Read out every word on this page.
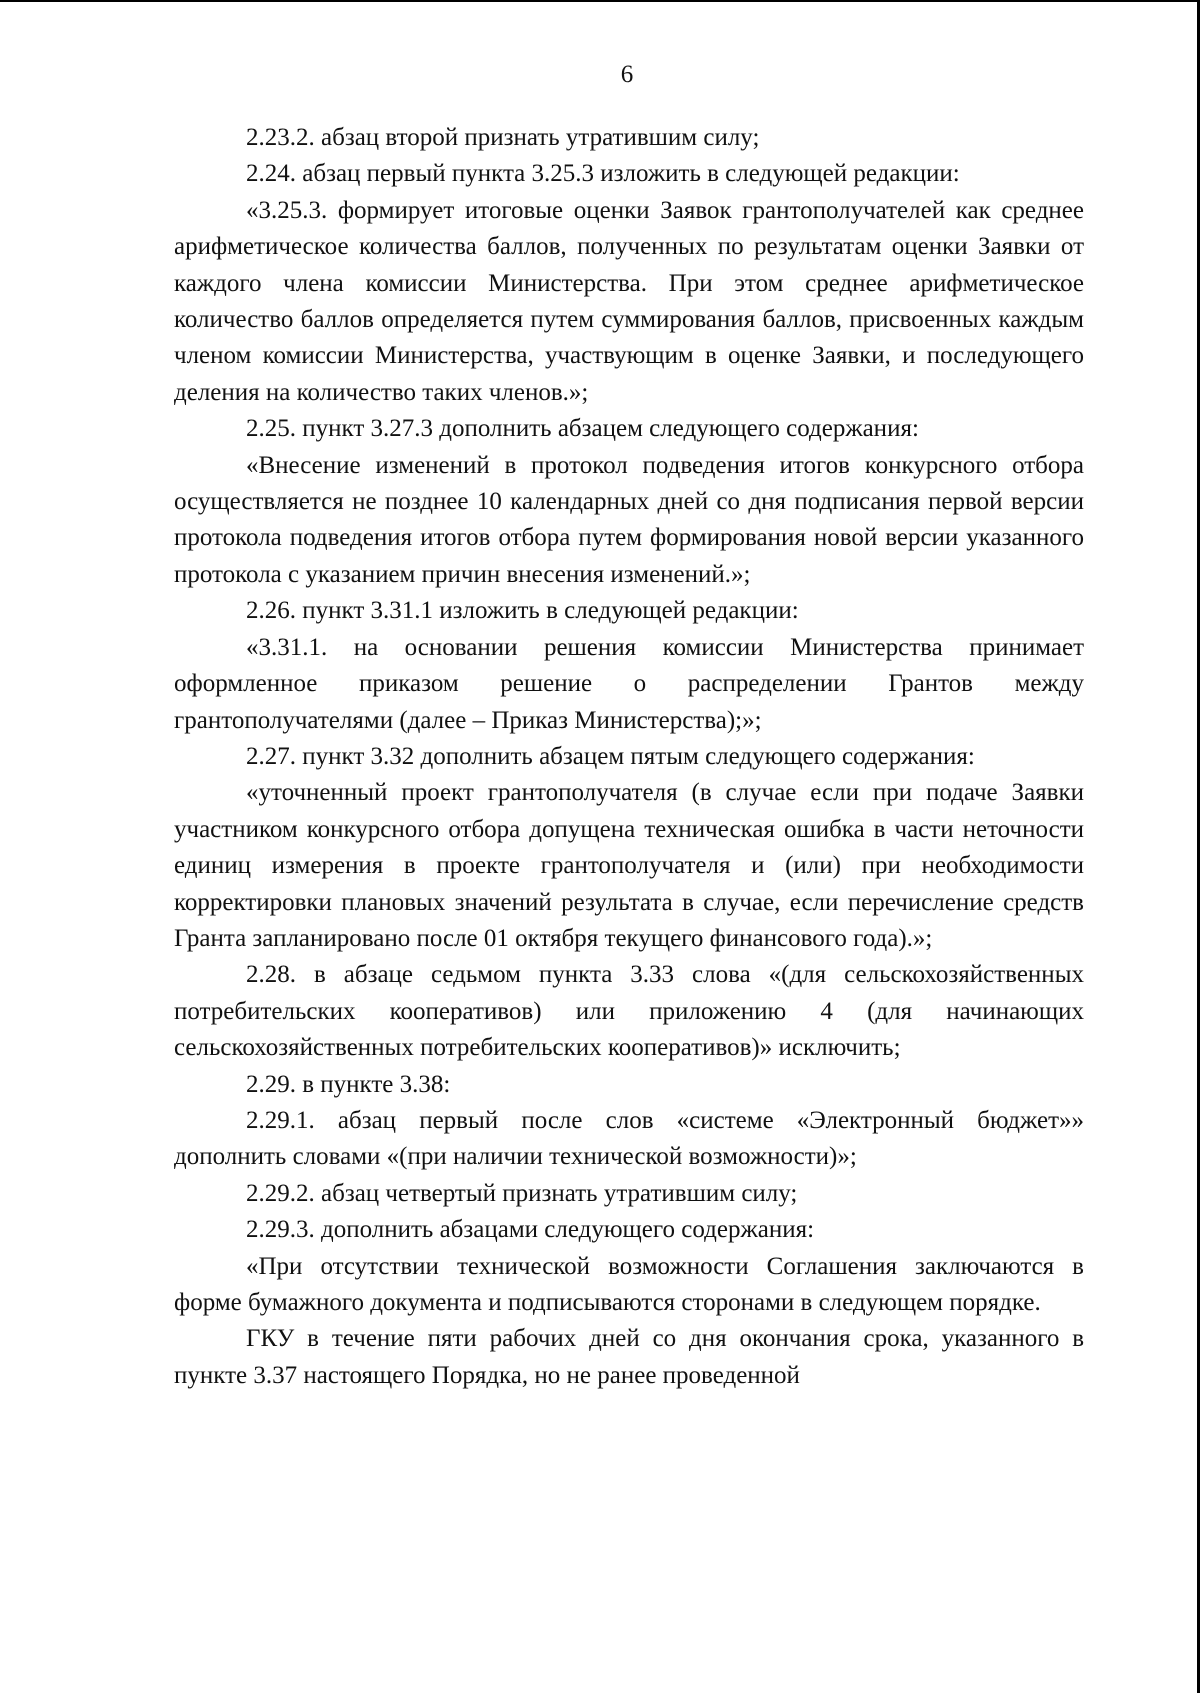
6

2.23.2. абзац второй признать утратившим силу;

2.24. абзац первый пункта 3.25.3 изложить в следующей редакции:

«3.25.3. формирует итоговые оценки Заявок грантополучателей как среднее арифметическое количества баллов, полученных по результатам оценки Заявки от каждого члена комиссии Министерства. При этом среднее арифметическое количество баллов определяется путем суммирования баллов, присвоенных каждым членом комиссии Министерства, участвующим в оценке Заявки, и последующего деления на количество таких членов.»;

2.25. пункт 3.27.3 дополнить абзацем следующего содержания:

«Внесение изменений в протокол подведения итогов конкурсного отбора осуществляется не позднее 10 календарных дней со дня подписания первой версии протокола подведения итогов отбора путем формирования новой версии указанного протокола с указанием причин внесения изменений.»;

2.26. пункт 3.31.1 изложить в следующей редакции:

«3.31.1. на основании решения комиссии Министерства принимает оформленное приказом решение о распределении Грантов между грантополучателями (далее – Приказ Министерства);»;

2.27. пункт 3.32 дополнить абзацем пятым следующего содержания:

«уточненный проект грантополучателя (в случае если при подаче Заявки участником конкурсного отбора допущена техническая ошибка в части неточности единиц измерения в проекте грантополучателя и (или) при необходимости корректировки плановых значений результата в случае, если перечисление средств Гранта запланировано после 01 октября текущего финансового года).»;

2.28. в абзаце седьмом пункта 3.33 слова «(для сельскохозяйственных потребительских кооперативов) или приложению 4 (для начинающих сельскохозяйственных потребительских кооперативов)» исключить;

2.29. в пункте 3.38:

2.29.1. абзац первый после слов «системе «Электронный бюджет»» дополнить словами «(при наличии технической возможности)»;

2.29.2. абзац четвертый признать утратившим силу;

2.29.3. дополнить абзацами следующего содержания:

«При отсутствии технической возможности Соглашения заключаются в форме бумажного документа и подписываются сторонами в следующем порядке.

ГКУ в течение пяти рабочих дней со дня окончания срока, указанного в пункте 3.37 настоящего Порядка, но не ранее проведенной
